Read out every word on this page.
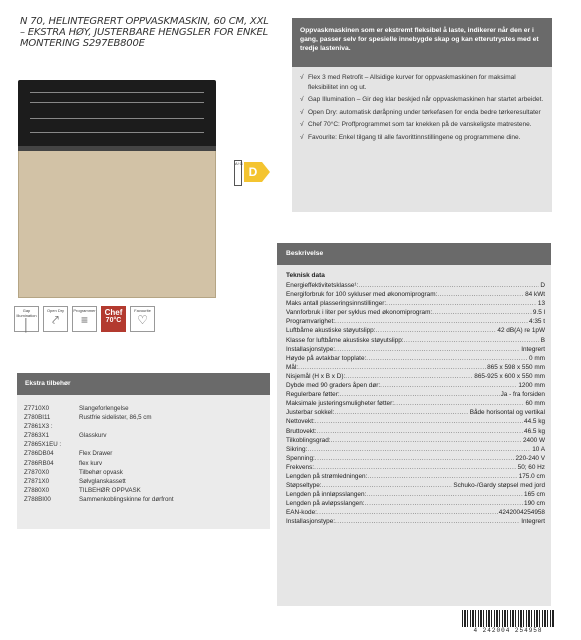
N 70, HELINTEGRERT OPPVASKMASKIN, 60 CM, XXL – EKSTRA HØY, JUSTERBARE HENGSLER FOR ENKEL MONTERING S297EB800E
A↑G
D
Gap Illumination
│
Open Dry
⤤
Programmer
≡
Chef
70°C
Favourite
♡
Ekstra tilbehør
Z7710X0	Slangeforlengelse
Z780BI11	Rustfrie sidelister, 86,5 cm
Z7861X3 :
Z7863X1	Glasskurv
Z7865X1EU :
Z786DB04	Flex Drawer
Z786RB04	flex kurv
Z7870X0	Tilbehør opvask
Z7871X0	Sølvglanskassett
Z7880X0	TILBEHØR OPPVASK
Z788BI00	Sammenkoblingskinne for dørfront
Oppvaskmaskinen som er ekstremt fleksibel å laste, indikerer når den er i gang, passer selv for spesielle innebygde skap og kan etterutrystes med et tredje lasteniva.
√ Flex 3 med Retrofit – Allsidige kurver for oppvaskmaskinen for maksimal fleksibilitet inn og ut.
√ Gap Illumination – Gir deg klar beskjed når oppvaskmaskinen har startet arbeidet.
√ Open Dry: automatisk døråpning under tørkefasen for enda bedre tørkeresultater
√ Chef 70°C: Proffprogrammet som tar knekken på de vanskeligste matrestene.
√ Favourite: Enkel tilgang til alle favorittinnstillingene og programmene dine.
Beskrivelse
Teknisk data
Energieffektivitetsklasse¹: .....	D
Energiforbruk for 100 sykluser med økonomiprogram: .....	84 kWt
Maks antall plasseringsinnstillinger: .....	13
Vannforbruk i liter per syklus med økonomiprogram: .....	9.5 l
Programvarighet: .....	4:35 t
Luftbårne akustiske støyutslipp: .....	42 dB(A) re 1pW
Klasse for luftbårne akustiske støyutslipp: .....	B
Installasjonstype: .....	Integrert
Høyde på avtakbar topplate: .....	0 mm
Mål: .....	865 x 598 x 550 mm
Nisjemål (H x B x D): .....	865-925 x 600 x 550 mm
Dybde med 90 graders åpen dør: .....	1200 mm
Regulerbare føtter: .....	Ja - fra forsiden
Maksimale justeringsmuligheter føtter: .....	60 mm
Justerbar sokkel: .....	Både horisontal og vertikal
Nettovekt: .....	44.5 kg
Bruttovekt: .....	46.5 kg
Tilkoblingsgrad: .....	2400 W
Sikring: .....	10 A
Spenning: .....	220-240 V
Frekvens: .....	50; 60 Hz
Lengden på strømledningen: .....	175.0 cm
Støpseltype: .....	Schuko-/Gardy støpsel med jord
Lengden på innløpsslangen: .....	165 cm
Lengden på avløpsslangen: .....	190 cm
EAN-kode: .....	4242004254958
Installasjonstype: .....	Integrert
4 242004 254958
